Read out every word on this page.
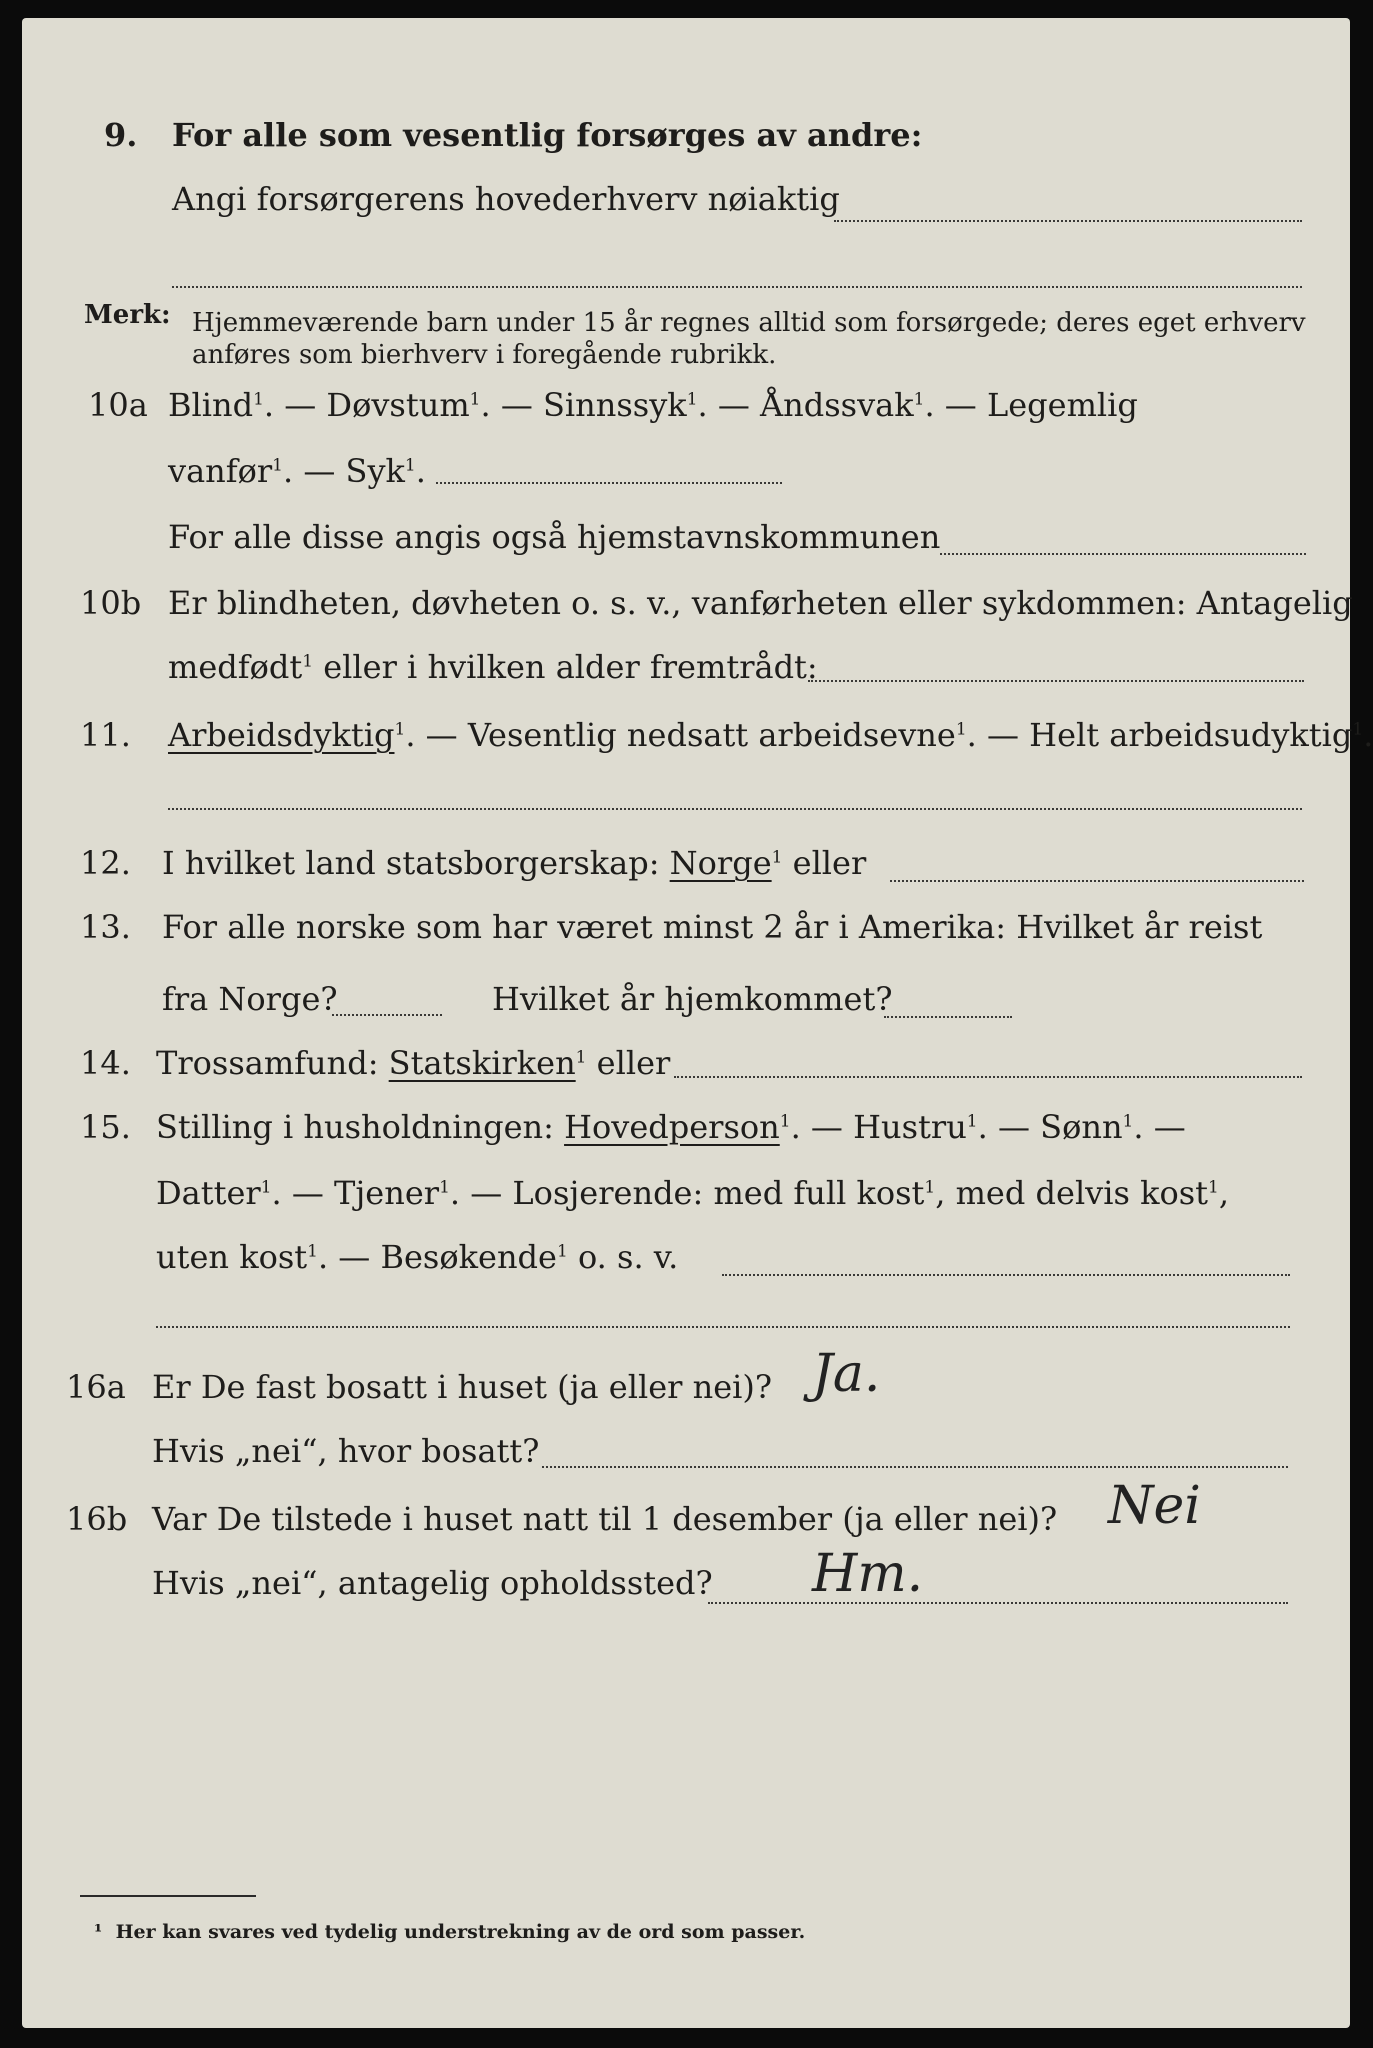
9. For alle som vesentlig forsørges av andre:
Angi forsørgerens hovederhverv nøiaktig
Merk: Hjemmeværende barn under 15 år regnes alltid som forsørgede; deres eget erhverv
anføres som bierhverv i foregående rubrikk.
10a Blind$^1$. — Døvstum$^1$. — Sinnssyk$^1$. — Åndssvak$^1$. — Legemlig
vanfør$^1$. — Syk$^1$.
For alle disse angis også hjemstavnskommunen
10b Er blindheten, døvheten o. s. v., vanførheten eller sykdommen: Antagelig
medfødt$^1$ eller i hvilken alder fremtrådt:
11. Arbeidsdyktig$^1$. — Vesentlig nedsatt arbeidsevne$^1$. — Helt arbeidsudyktig$^1$.
12. I hvilket land statsborgerskap: Norge$^1$ eller
13. For alle norske som har været minst 2 år i Amerika: Hvilket år reist
fra Norge?	Hvilket år hjemkommet?
14. Trossamfund: Statskirken$^1$ eller
15. Stilling i husholdningen: Hovedperson$^1$. — Hustru$^1$. — Sønn$^1$. —
Datter$^1$. — Tjener$^1$. — Losjerende: med full kost$^1$, med delvis kost$^1$,
uten kost$^1$. — Besøkende$^1$ o. s. v.
16a Er De fast bosatt i huset (ja eller nei)? Ja.
Hvis „nei“, hvor bosatt?
16b Var De tilstede i huset natt til 1 desember (ja eller nei)? Nei
Hvis „nei“, antagelig opholdssted? Hm.
¹ Her kan svares ved tydelig understrekning av de ord som passer.
